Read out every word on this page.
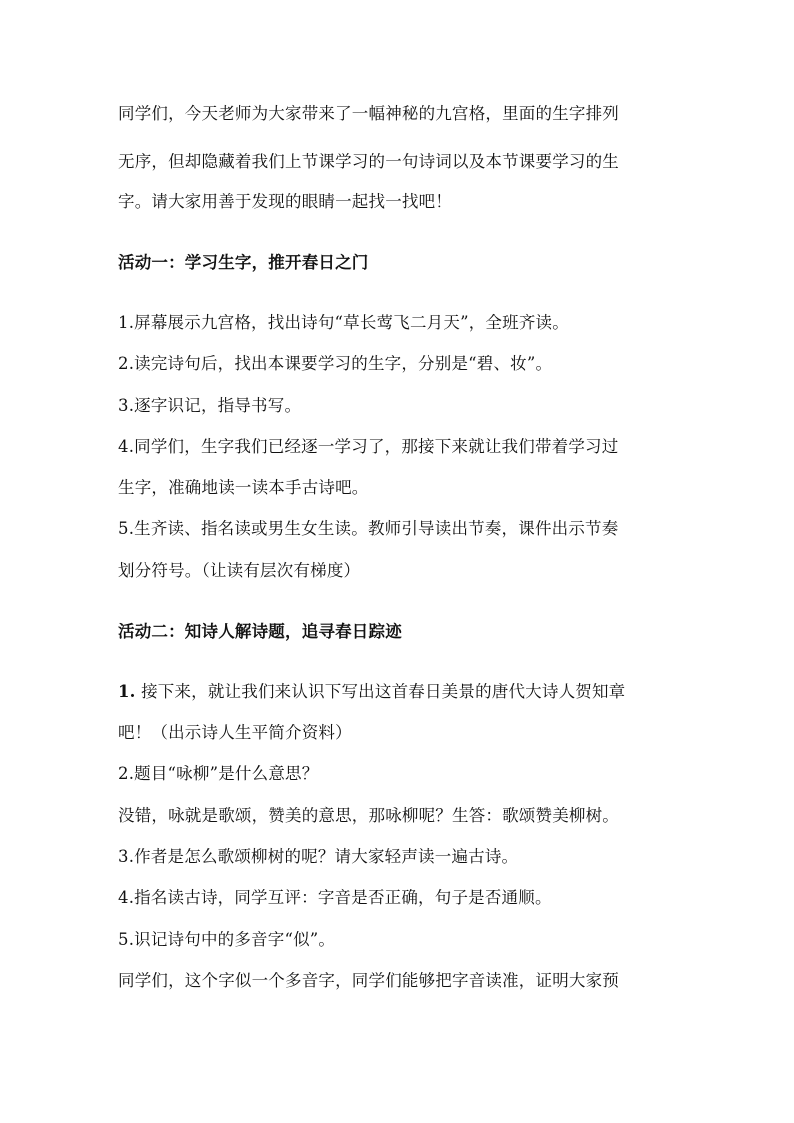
同学们，今天老师为大家带来了一幅神秘的九宫格，里面的生字排列
无序，但却隐藏着我们上节课学习的一句诗词以及本节课要学习的生
字。请大家用善于发现的眼睛一起找一找吧！
活动一：学习生字，推开春日之门
1.屏幕展示九宫格，找出诗句“草长莺飞二月天”，全班齐读。
2.读完诗句后，找出本课要学习的生字，分别是“碧、妆”。
3.逐字识记，指导书写。
4.同学们，生字我们已经逐一学习了，那接下来就让我们带着学习过
生字，准确地读一读本手古诗吧。
5.生齐读、指名读或男生女生读。教师引导读出节奏，课件出示节奏
划分符号。（让读有层次有梯度）
活动二：知诗人解诗题，追寻春日踪迹
1. 接下来，就让我们来认识下写出这首春日美景的唐代大诗人贺知章
吧！（出示诗人生平简介资料）
2.题目“咏柳”是什么意思？
没错，咏就是歌颂，赞美的意思，那咏柳呢？生答：歌颂赞美柳树。
3.作者是怎么歌颂柳树的呢？请大家轻声读一遍古诗。
4.指名读古诗，同学互评：字音是否正确，句子是否通顺。
5.识记诗句中的多音字“似”。
同学们，这个字似一个多音字，同学们能够把字音读准，证明大家预
